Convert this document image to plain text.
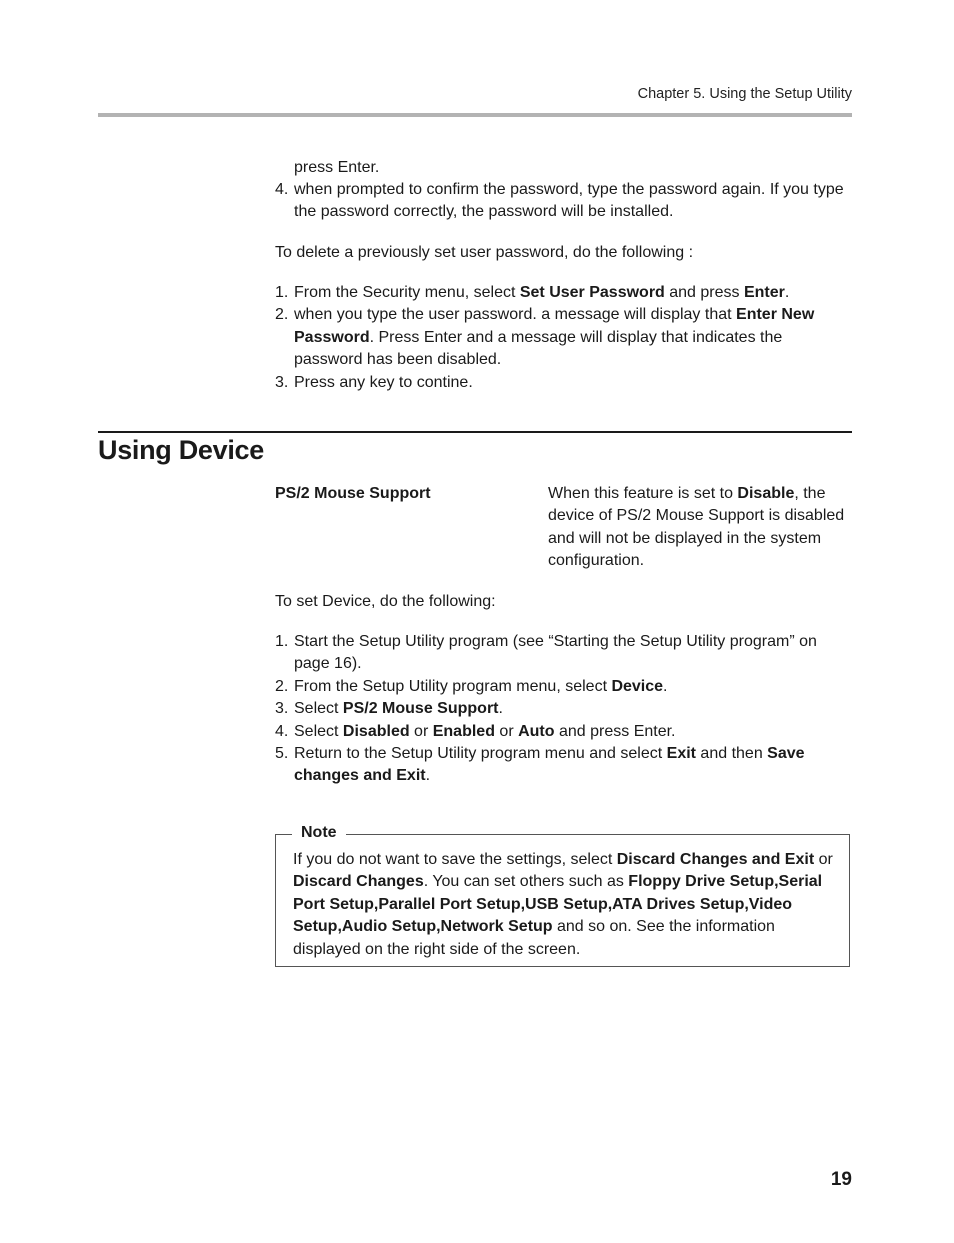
Chapter 5. Using the Setup Utility

press Enter.

4. when prompted to confirm the password, type the password again. If you type the password correctly, the password will be installed.

To delete a previously set user password, do the following :

1. From the Security menu, select Set User Password and press Enter.
2. when you type the user password. a message will display that Enter New Password. Press Enter and a message will display that indicates the password has been disabled.
3. Press any key to contine.
Using Device
PS/2 Mouse Support	When this feature is set to Disable, the device of PS/2 Mouse Support is disabled and will not be displayed in the system configuration.

To set Device, do the following:

1. Start the Setup Utility program (see “Starting the Setup Utility program” on page 16).
2. From the Setup Utility program menu, select Device.
3. Select PS/2 Mouse Support.
4. Select Disabled or Enabled or Auto and press Enter.
5. Return to the Setup Utility program menu and select Exit and then Save changes and Exit.
Note

If you do not want to save the settings, select Discard Changes and Exit or Discard Changes. You can set others such as Floppy Drive Setup,Serial Port Setup,Parallel Port Setup,USB Setup,ATA Drives Setup,Video Setup,Audio Setup,Network Setup and so on. See the information displayed on the right side of the screen.

19
